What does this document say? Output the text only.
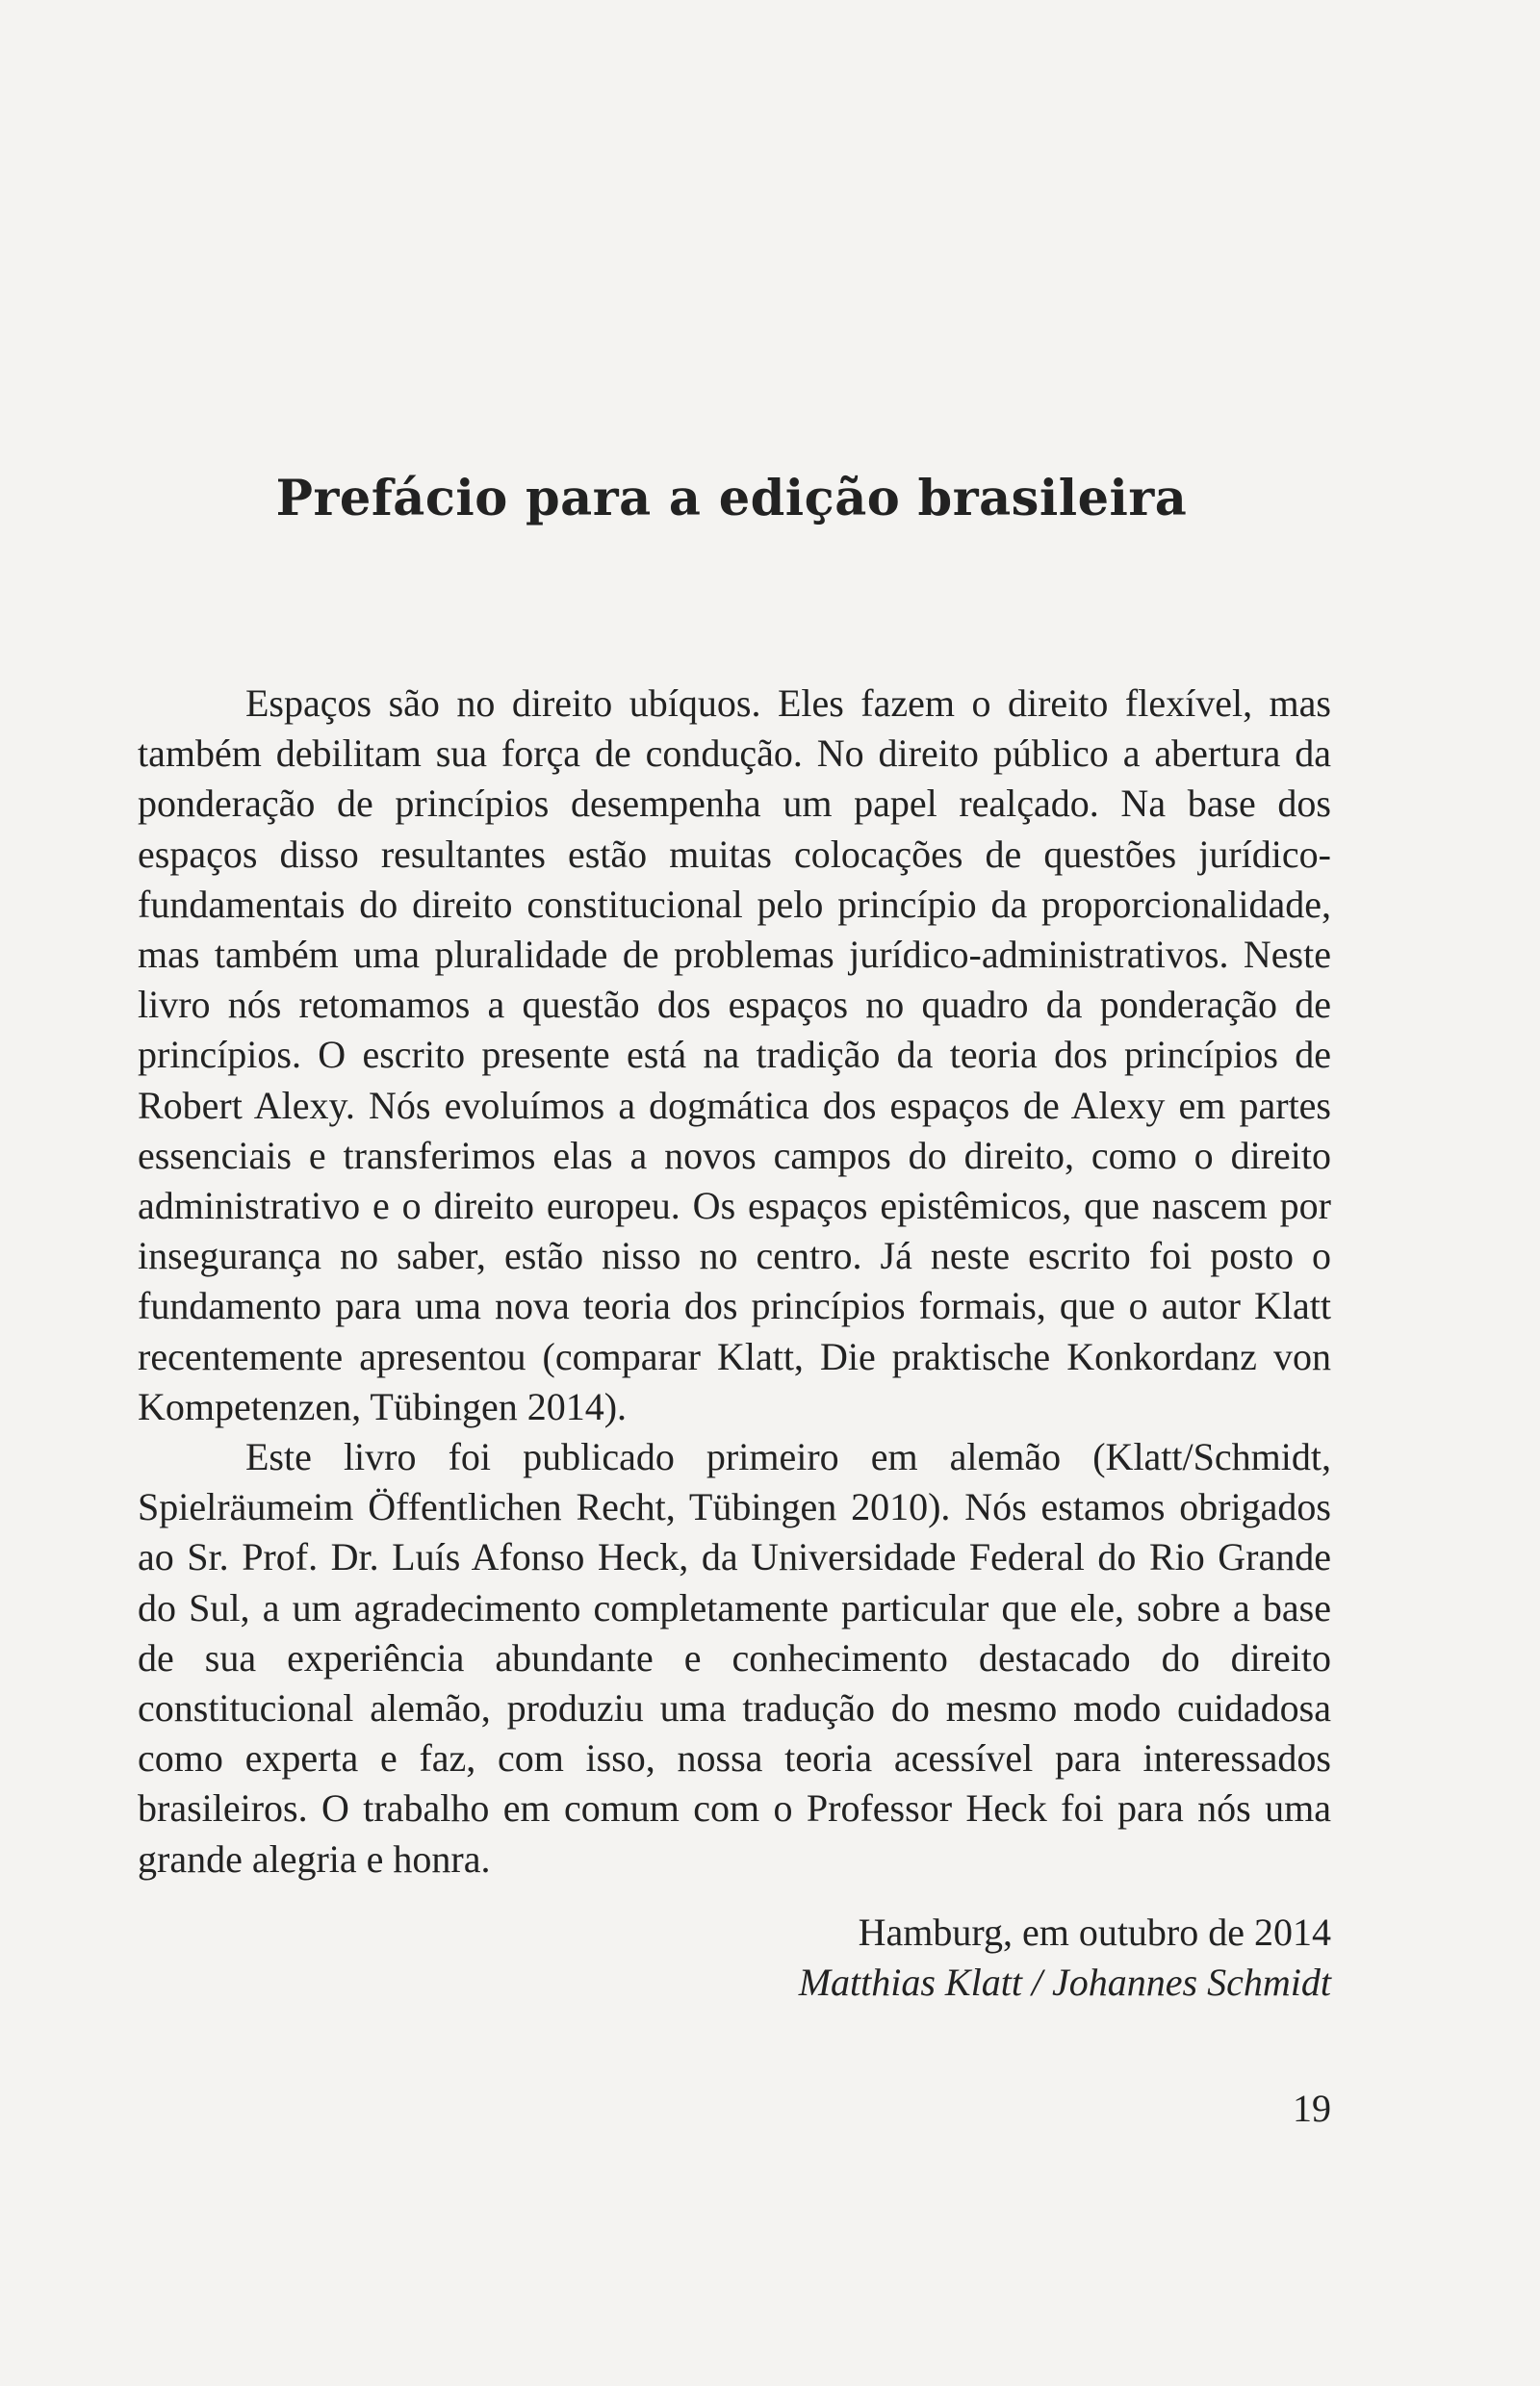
Prefácio para a edição brasileira

Espaços são no direito ubíquos. Eles fazem o direito flexível, mas também debilitam sua força de condução. No direito público a abertura da ponderação de princípios desempenha um papel realçado. Na base dos espaços disso resultantes estão muitas colocações de questões jurídicofundamentais do direito constitucional pelo princípio da proporcionalidade, mas também uma pluralidade de problemas jurídico-administrativos. Neste livro nós retomamos a questão dos espaços no quadro da ponderação de princípios. O escrito presente está na tradição da teoria dos princípios de Robert Alexy. Nós evoluímos a dogmática dos espaços de Alexy em partes essenciais e transferimos elas a novos campos do direito, como o direito administrativo e o direito europeu. Os espaços epistêmicos, que nascem por insegurança no saber, estão nisso no centro. Já neste escrito foi posto o fundamento para uma nova teoria dos princípios formais, que o autor Klatt recentemente apresentou (comparar Klatt, Die praktische Konkordanz von Kompetenzen, Tübingen 2014).

Este livro foi publicado primeiro em alemão (Klatt/Schmidt, Spielräumeim Öffentlichen Recht, Tübingen 2010). Nós estamos obrigados ao Sr. Prof. Dr. Luís Afonso Heck, da Universidade Federal do Rio Grande do Sul, a um agradecimento completamente particular que ele, sobre a base de sua experiência abundante e conhecimento destacado do direito constitucional alemão, produziu uma tradução do mesmo modo cuidadosa como experta e faz, com isso, nossa teoria acessível para interessados brasileiros. O trabalho em comum com o Professor Heck foi para nós uma grande alegria e honra.

Hamburg, em outubro de 2014
Matthias Klatt / Johannes Schmidt
19
